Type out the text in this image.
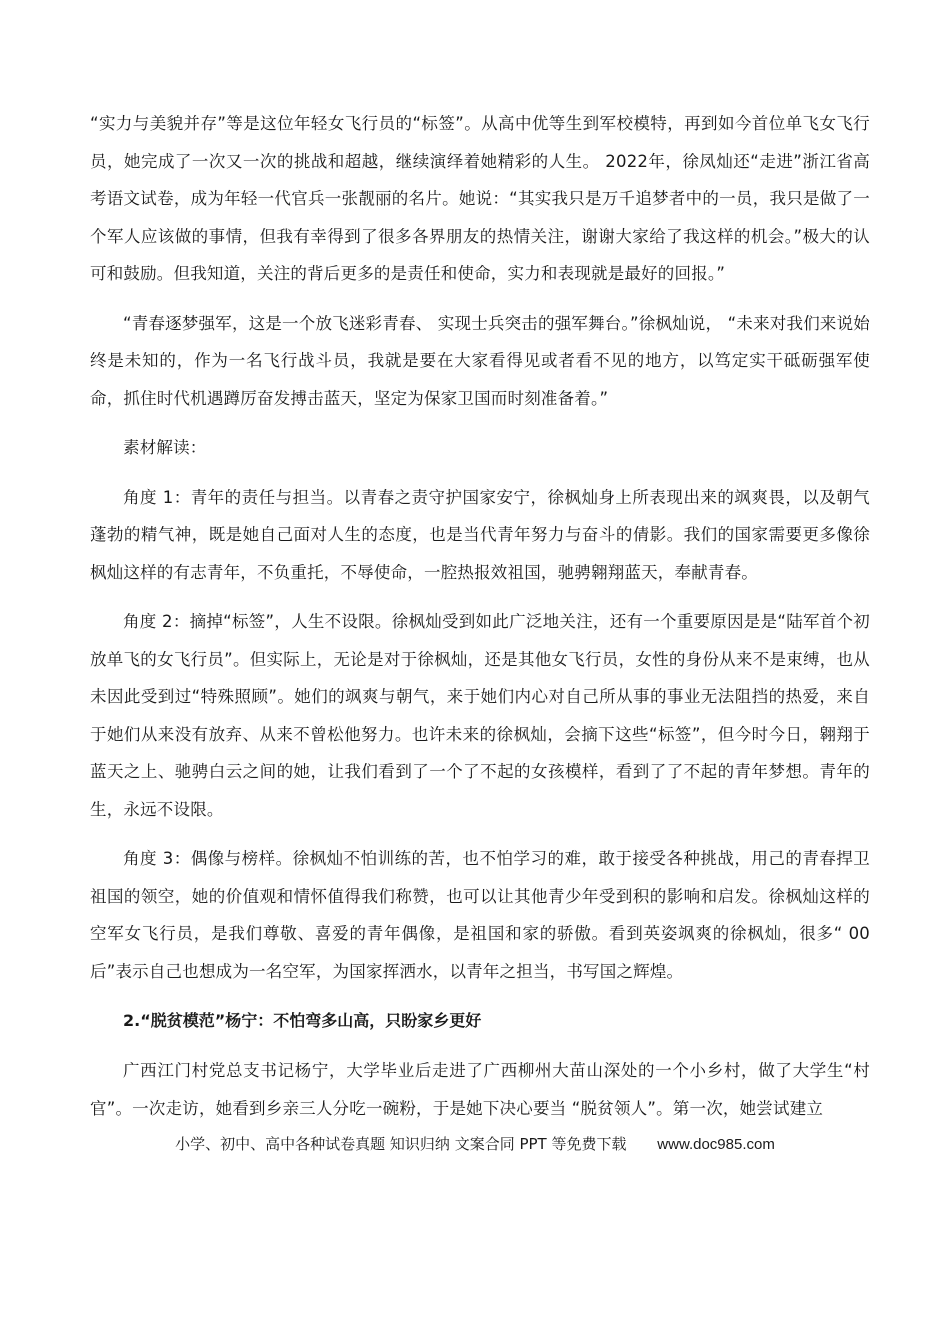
“实力与美貌并存”等是这位年轻女飞行员的“标签”。从高中优等生到军校模特，再到如今首位单飞女飞行员，她完成了一次又一次的挑战和超越，继续演绎着她精彩的人生。 2022年，徐凤灿还“走进”浙江省高考语文试卷，成为年轻一代官兵一张靓丽的名片。她说：“其实我只是万千追梦者中的一员，我只是做了一个军人应该做的事情，但我有幸得到了很多各界朋友的热情关注，谢谢大家给了我这样的机会。”极大的认可和鼓励。但我知道，关注的背后更多的是责任和使命，实力和表现就是最好的回报。”

“青春逐梦强军，这是一个放飞迷彩青春、 实现士兵突击的强军舞台。”徐枫灿说， “未来对我们来说始终是未知的，作为一名飞行战斗员，我就是要在大家看得见或者看不见的地方，以笃定实干砥砺强军使命，抓住时代机遇蹲厉奋发搏击蓝天，坚定为保家卫国而时刻准备着。”

素材解读：

角度 1：青年的责任与担当。以青春之责守护国家安宁，徐枫灿身上所表现出来的飒爽畏，以及朝气蓬勃的精气神，既是她自己面对人生的态度，也是当代青年努力与奋斗的倩影。我们的国家需要更多像徐枫灿这样的有志青年，不负重托，不辱使命，一腔热报效祖国，驰骋翱翔蓝天，奉献青春。

角度 2：摘掉“标签”，人生不设限。徐枫灿受到如此广泛地关注，还有一个重要原因是是“陆军首个初放单飞的女飞行员”。但实际上，无论是对于徐枫灿，还是其他女飞行员，女性的身份从来不是束缚，也从未因此受到过“特殊照顾”。她们的飒爽与朝气，来于她们内心对自己所从事的事业无法阻挡的热爱，来自于她们从来没有放弃、从来不曾松他努力。也许未来的徐枫灿，会摘下这些“标签”，但今时今日，翱翔于蓝天之上、驰骋白云之间的她，让我们看到了一个了不起的女孩模样，看到了了不起的青年梦想。青年的生，永远不设限。

角度 3：偶像与榜样。徐枫灿不怕训练的苦，也不怕学习的难，敢于接受各种挑战，用己的青春捍卫祖国的领空，她的价值观和情怀值得我们称赞，也可以让其他青少年受到积的影响和启发。徐枫灿这样的空军女飞行员，是我们尊敬、喜爱的青年偶像，是祖国和家的骄傲。看到英姿飒爽的徐枫灿，很多“ 00后”表示自己也想成为一名空军，为国家挥洒水，以青年之担当，书写国之辉煌。

2.“脱贫模范”杨宁：不怕弯多山高，只盼家乡更好

广西江门村党总支书记杨宁，大学毕业后走进了广西柳州大苗山深处的一个小乡村，做了大学生“村官”。一次走访，她看到乡亲三人分吃一碗粉，于是她下决心要当 “脱贫领人”。第一次，她尝试建立

小学、初中、高中各种试卷真题 知识归纳 文案合同 PPT 等免费下载 www.doc985.com
